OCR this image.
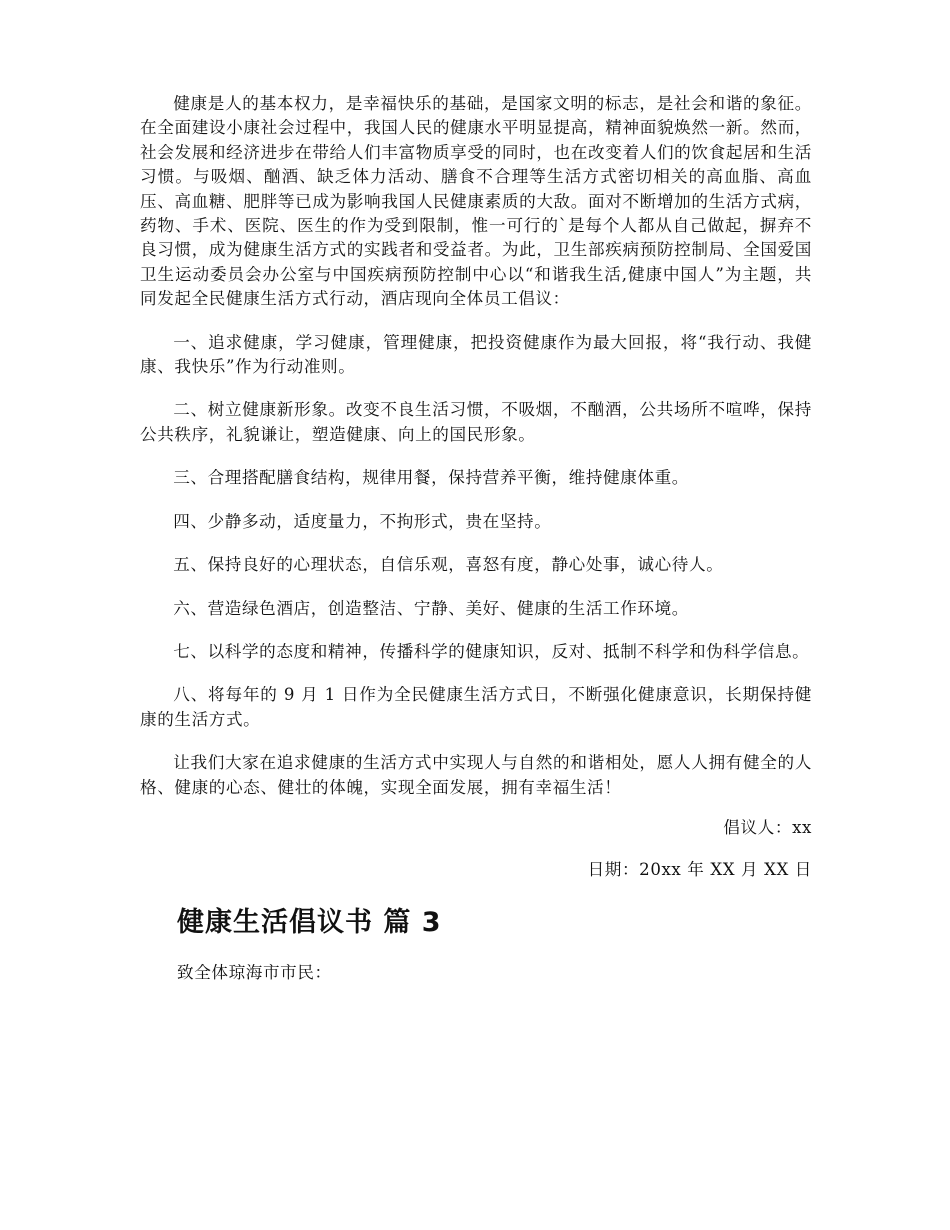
健康是人的基本权力，是幸福快乐的基础，是国家文明的标志，是社会和谐的象征。在全面建设小康社会过程中，我国人民的健康水平明显提高，精神面貌焕然一新。然而，社会发展和经济进步在带给人们丰富物质享受的同时，也在改变着人们的饮食起居和生活习惯。与吸烟、酗酒、缺乏体力活动、膳食不合理等生活方式密切相关的高血脂、高血压、高血糖、肥胖等已成为影响我国人民健康素质的大敌。面对不断增加的生活方式病，药物、手术、医院、医生的作为受到限制，惟一可行的`是每个人都从自己做起，摒弃不良习惯，成为健康生活方式的实践者和受益者。为此，卫生部疾病预防控制局、全国爱国卫生运动委员会办公室与中国疾病预防控制中心以“和谐我生活,健康中国人”为主题，共同发起全民健康生活方式行动，酒店现向全体员工倡议：

一、追求健康，学习健康，管理健康，把投资健康作为最大回报，将“我行动、我健康、我快乐”作为行动准则。

二、树立健康新形象。改变不良生活习惯，不吸烟，不酗酒，公共场所不喧哗，保持公共秩序，礼貌谦让，塑造健康、向上的国民形象。

三、合理搭配膳食结构，规律用餐，保持营养平衡，维持健康体重。

四、少静多动，适度量力，不拘形式，贵在坚持。

五、保持良好的心理状态，自信乐观，喜怒有度，静心处事，诚心待人。

六、营造绿色酒店，创造整洁、宁静、美好、健康的生活工作环境。

七、以科学的态度和精神，传播科学的健康知识，反对、抵制不科学和伪科学信息。

八、将每年的 9 月 1 日作为全民健康生活方式日，不断强化健康意识，长期保持健康的生活方式。

让我们大家在追求健康的生活方式中实现人与自然的和谐相处，愿人人拥有健全的人格、健康的心态、健壮的体魄，实现全面发展，拥有幸福生活！

倡议人：xx

日期：20xx 年 XX 月 XX 日

健康生活倡议书 篇 3

致全体琼海市市民：
